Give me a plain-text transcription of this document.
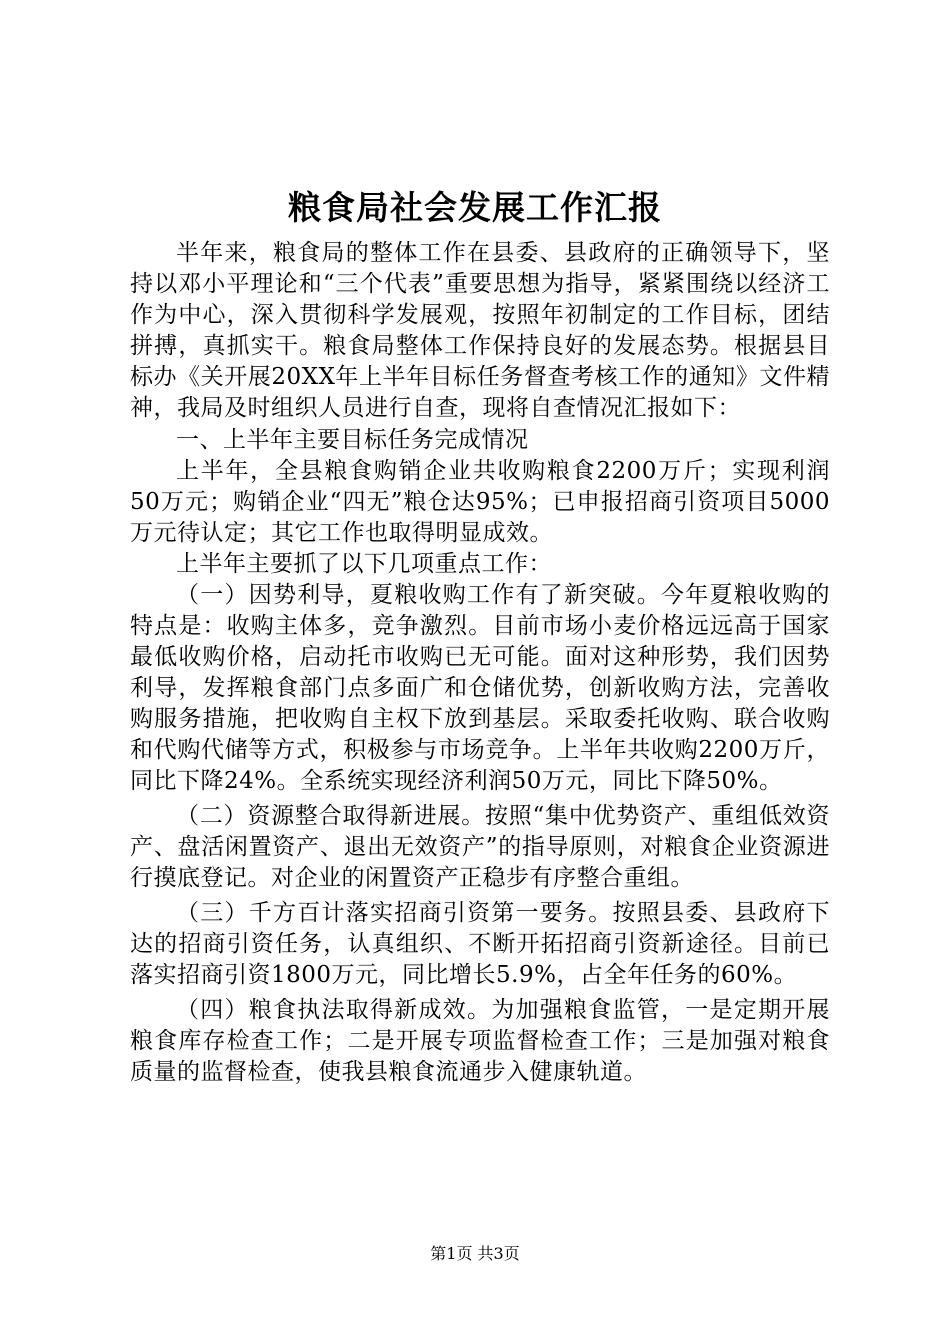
粮食局社会发展工作汇报

半年来，粮食局的整体工作在县委、县政府的正确领导下，坚持以邓小平理论和“三个代表”重要思想为指导，紧紧围绕以经济工作为中心，深入贯彻科学发展观，按照年初制定的工作目标，团结拼搏，真抓实干。粮食局整体工作保持良好的发展态势。根据县目标办《关开展20XX年上半年目标任务督查考核工作的通知》文件精神，我局及时组织人员进行自查，现将自查情况汇报如下：

一、上半年主要目标任务完成情况

上半年，全县粮食购销企业共收购粮食2200万斤；实现利润50万元；购销企业“四无”粮仓达95%；已申报招商引资项目5000万元待认定；其它工作也取得明显成效。

上半年主要抓了以下几项重点工作：

（一）因势利导，夏粮收购工作有了新突破。今年夏粮收购的特点是：收购主体多，竞争激烈。目前市场小麦价格远远高于国家最低收购价格，启动托市收购已无可能。面对这种形势，我们因势利导，发挥粮食部门点多面广和仓储优势，创新收购方法，完善收购服务措施，把收购自主权下放到基层。采取委托收购、联合收购和代购代储等方式，积极参与市场竞争。上半年共收购2200万斤，同比下降24%。全系统实现经济利润50万元，同比下降50%。

（二）资源整合取得新进展。按照“集中优势资产、重组低效资产、盘活闲置资产、退出无效资产”的指导原则，对粮食企业资源进行摸底登记。对企业的闲置资产正稳步有序整合重组。

（三）千方百计落实招商引资第一要务。按照县委、县政府下达的招商引资任务，认真组织、不断开拓招商引资新途径。目前已落实招商引资1800万元，同比增长5.9%，占全年任务的60%。

（四）粮食执法取得新成效。为加强粮食监管，一是定期开展粮食库存检查工作；二是开展专项监督检查工作；三是加强对粮食质量的监督检查，使我县粮食流通步入健康轨道。

第1页 共3页
